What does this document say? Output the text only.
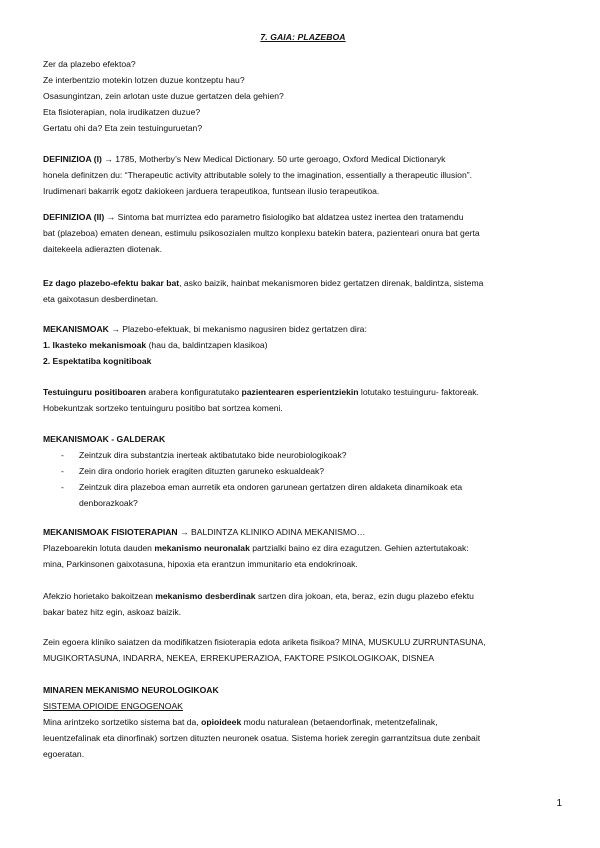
7. GAIA: PLAZEBOA
Zer da plazebo efektoa?
Ze interbentzio motekin lotzen duzue kontzeptu hau?
Osasungintzan, zein arlotan uste duzue gertatzen dela gehien?
Eta fisioterapian, nola irudikatzen duzue?
Gertatu ohi da? Eta zein testuinguruetan?
DEFINIZIOA (I) → 1785, Motherby’s New Medical Dictionary. 50 urte geroago, Oxford Medical Dictionaryk
honela definitzen du: “Therapeutic activity attributable solely to the imagination, essentially a therapeutic illusion”.
Irudimenari bakarrik egotz dakiokeen jarduera terapeutikoa, funtsean ilusio terapeutikoa.
DEFINIZIOA (II) → Sintoma bat murriztea edo parametro fisiologiko bat aldatzea ustez inertea den tratamendu
bat (plazeboa) ematen denean, estimulu psikosozialen multzo konplexu batekin batera, pazienteari onura bat gerta
daitekeela adierazten diotenak.
Ez dago plazebo-efektu bakar bat, asko baizik, hainbat mekanismoren bidez gertatzen direnak, baldintza, sistema
eta gaixotasun desberdinetan.
MEKANISMOAK → Plazebo-efektuak, bi mekanismo nagusiren bidez gertatzen dira:
1. Ikasteko mekanismoak (hau da, baldintzapen klasikoa)
2. Espektatiba kognitiboak
Testuinguru positiboaren arabera konfiguratutako pazientearen esperientziekin lotutako testuinguru- faktoreak.
Hobekuntzak sortzeko tentuinguru positibo bat sortzea komeni.
MEKANISMOAK - GALDERAK
- Zeintzuk dira substantzia inerteak aktibatutako bide neurobiologikoak?
- Zein dira ondorio horiek eragiten dituzten garuneko eskualdeak?
- Zeintzuk dira plazeboa eman aurretik eta ondoren garunean gertatzen diren aldaketa dinamikoak eta
denborazkoak?
MEKANISMOAK FISIOTERAPIAN → BALDINTZA KLINIKO ADINA MEKANISMO…
Plazeboarekin lotuta dauden mekanismo neuronalak partzialki baino ez dira ezagutzen. Gehien aztertutakoak:
mina, Parkinsonen gaixotasuna, hipoxia eta erantzun immunitario eta endokrinoak.
Afekzio horietako bakoitzean mekanismo desberdinak sartzen dira jokoan, eta, beraz, ezin dugu plazebo efektu
bakar batez hitz egin, askoaz baizik.
Zein egoera kliniko saiatzen da modifikatzen fisioterapia edota ariketa fisikoa? MINA, MUSKULU ZURRUNTASUNA,
MUGIKORTASUNA, INDARRA, NEKEA, ERREKUPERAZIOA, FAKTORE PSIKOLOGIKOAK, DISNEA
MINAREN MEKANISMO NEUROLOGIKOAK
SISTEMA OPIOIDE ENGOGENOAK
Mina arintzeko sortzetiko sistema bat da, opioideek modu naturalean (betaendorfinak, metentzefalinak,
leuentzefalinak eta dinorfinak) sortzen dituzten neuronek osatua. Sistema horiek zeregin garrantzitsua dute zenbait
egoeratan.
1
